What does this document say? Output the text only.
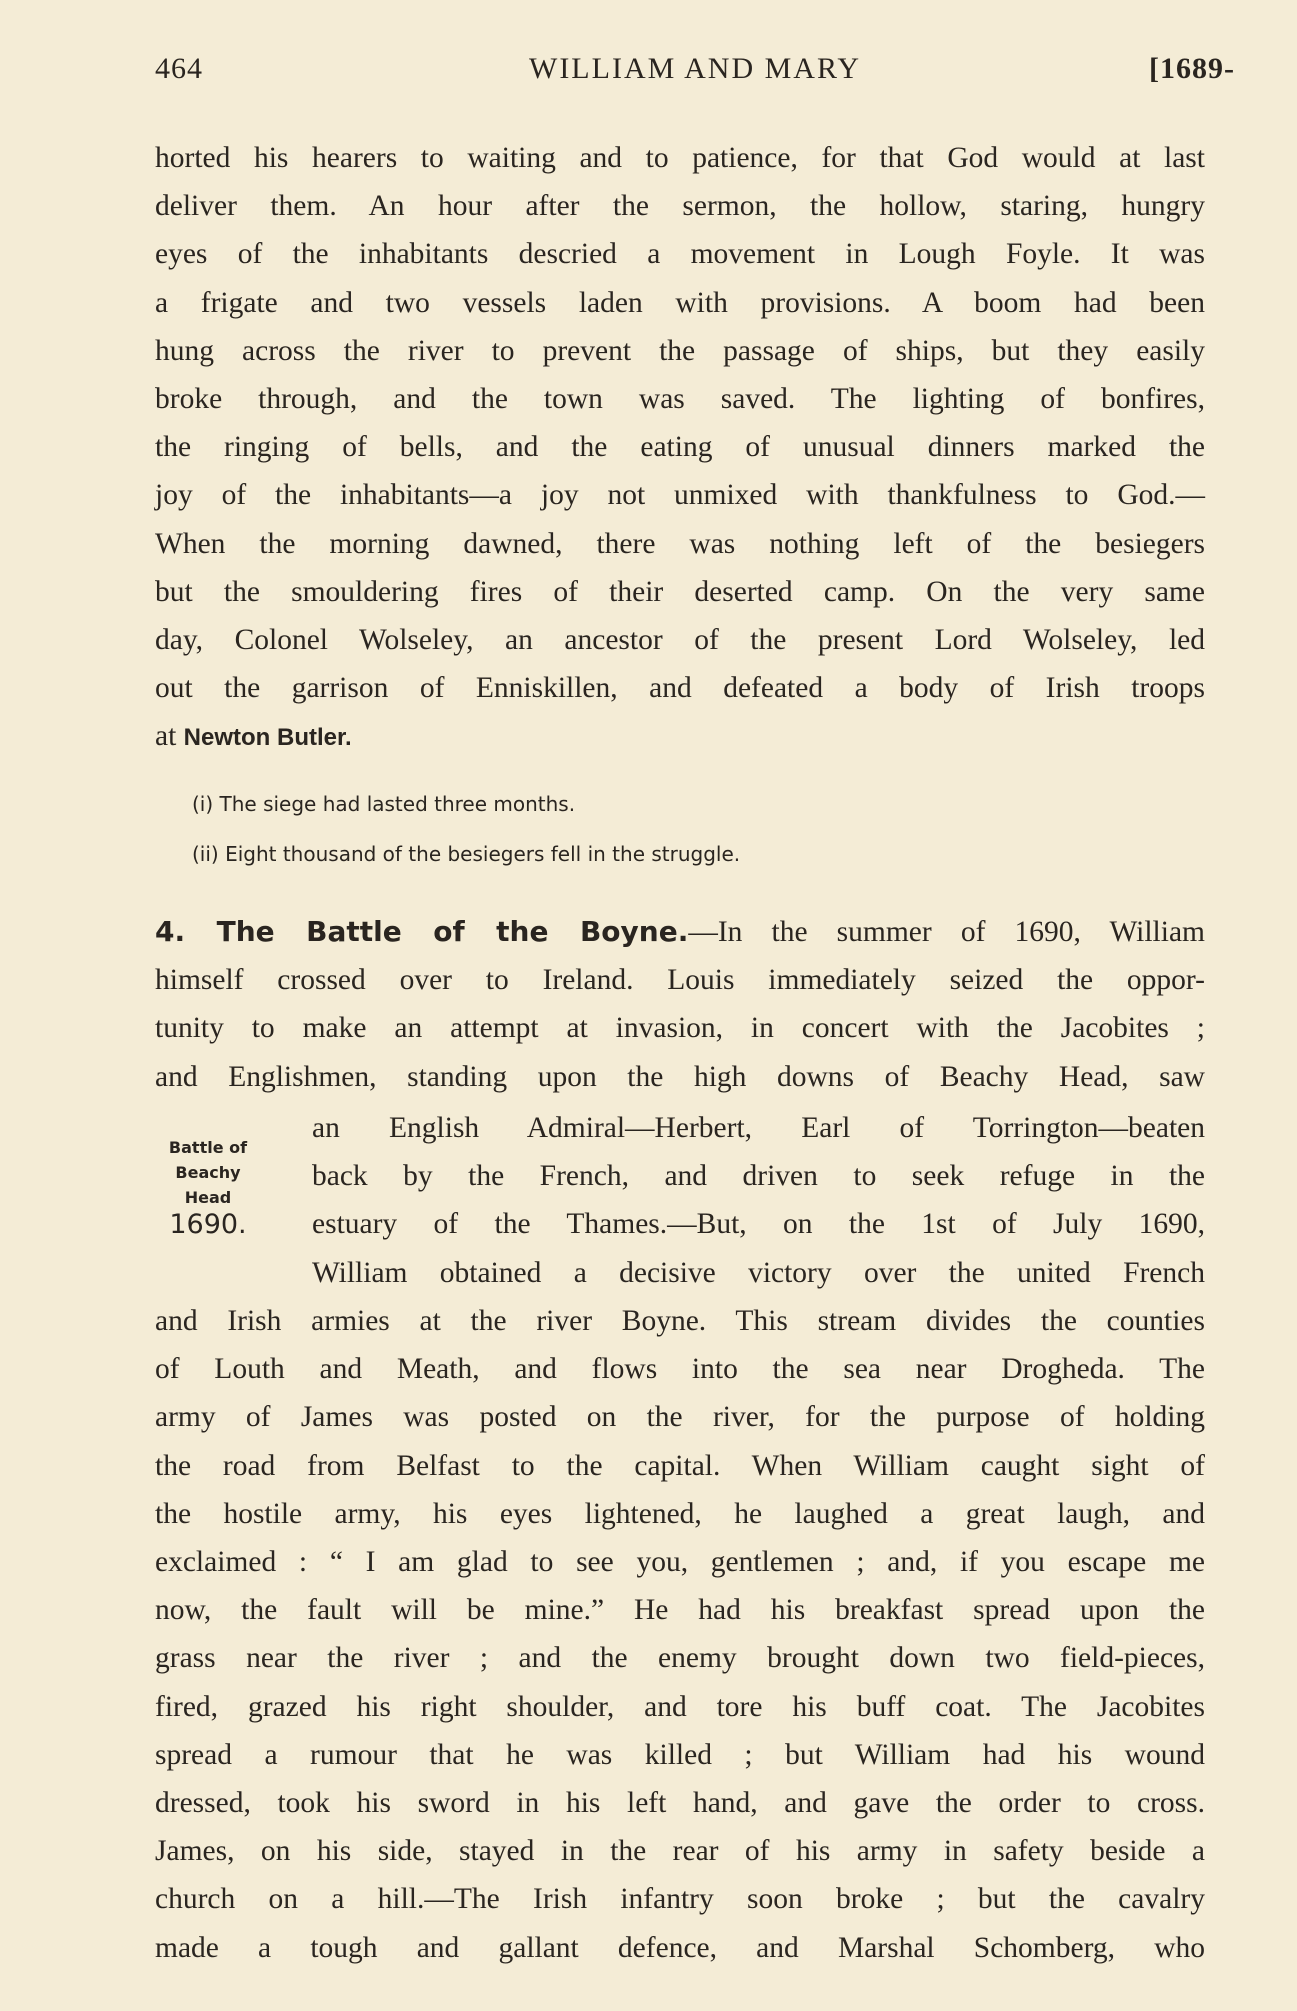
464	WILLIAM AND MARY	[1689-
horted his hearers to waiting and to patience, for that God would at last
deliver them. An hour after the sermon, the hollow, staring, hungry
eyes of the inhabitants descried a movement in Lough Foyle. It was
a frigate and two vessels laden with provisions. A boom had been
hung across the river to prevent the passage of ships, but they easily
broke through, and the town was saved. The lighting of bonfires,
the ringing of bells, and the eating of unusual dinners marked the
joy of the inhabitants—a joy not unmixed with thankfulness to God.—
When the morning dawned, there was nothing left of the besiegers
but the smouldering fires of their deserted camp. On the very same
day, Colonel Wolseley, an ancestor of the present Lord Wolseley, led
out the garrison of Enniskillen, and defeated a body of Irish troops
at Newton Butler.
(i) The siege had lasted three months.
(ii) Eight thousand of the besiegers fell in the struggle.
4. The Battle of the Boyne.—In the summer of 1690, William
himself crossed over to Ireland. Louis immediately seized the oppor-
tunity to make an attempt at invasion, in concert with the Jacobites ;
and Englishmen, standing upon the high downs of Beachy Head, saw
Battle of
Beachy
Head
1690.
an English Admiral—Herbert, Earl of Torrington—beaten
back by the French, and driven to seek refuge in the
estuary of the Thames.—But, on the 1st of July 1690,
William obtained a decisive victory over the united French
and Irish armies at the river Boyne. This stream divides the counties
of Louth and Meath, and flows into the sea near Drogheda. The
army of James was posted on the river, for the purpose of holding
the road from Belfast to the capital. When William caught sight of
the hostile army, his eyes lightened, he laughed a great laugh, and
exclaimed : “ I am glad to see you, gentlemen ; and, if you escape me
now, the fault will be mine.” He had his breakfast spread upon the
grass near the river ; and the enemy brought down two field-pieces,
fired, grazed his right shoulder, and tore his buff coat. The Jacobites
spread a rumour that he was killed ; but William had his wound
dressed, took his sword in his left hand, and gave the order to cross.
James, on his side, stayed in the rear of his army in safety beside a
church on a hill.—The Irish infantry soon broke ; but the cavalry
made a tough and gallant defence, and Marshal Schomberg, who
